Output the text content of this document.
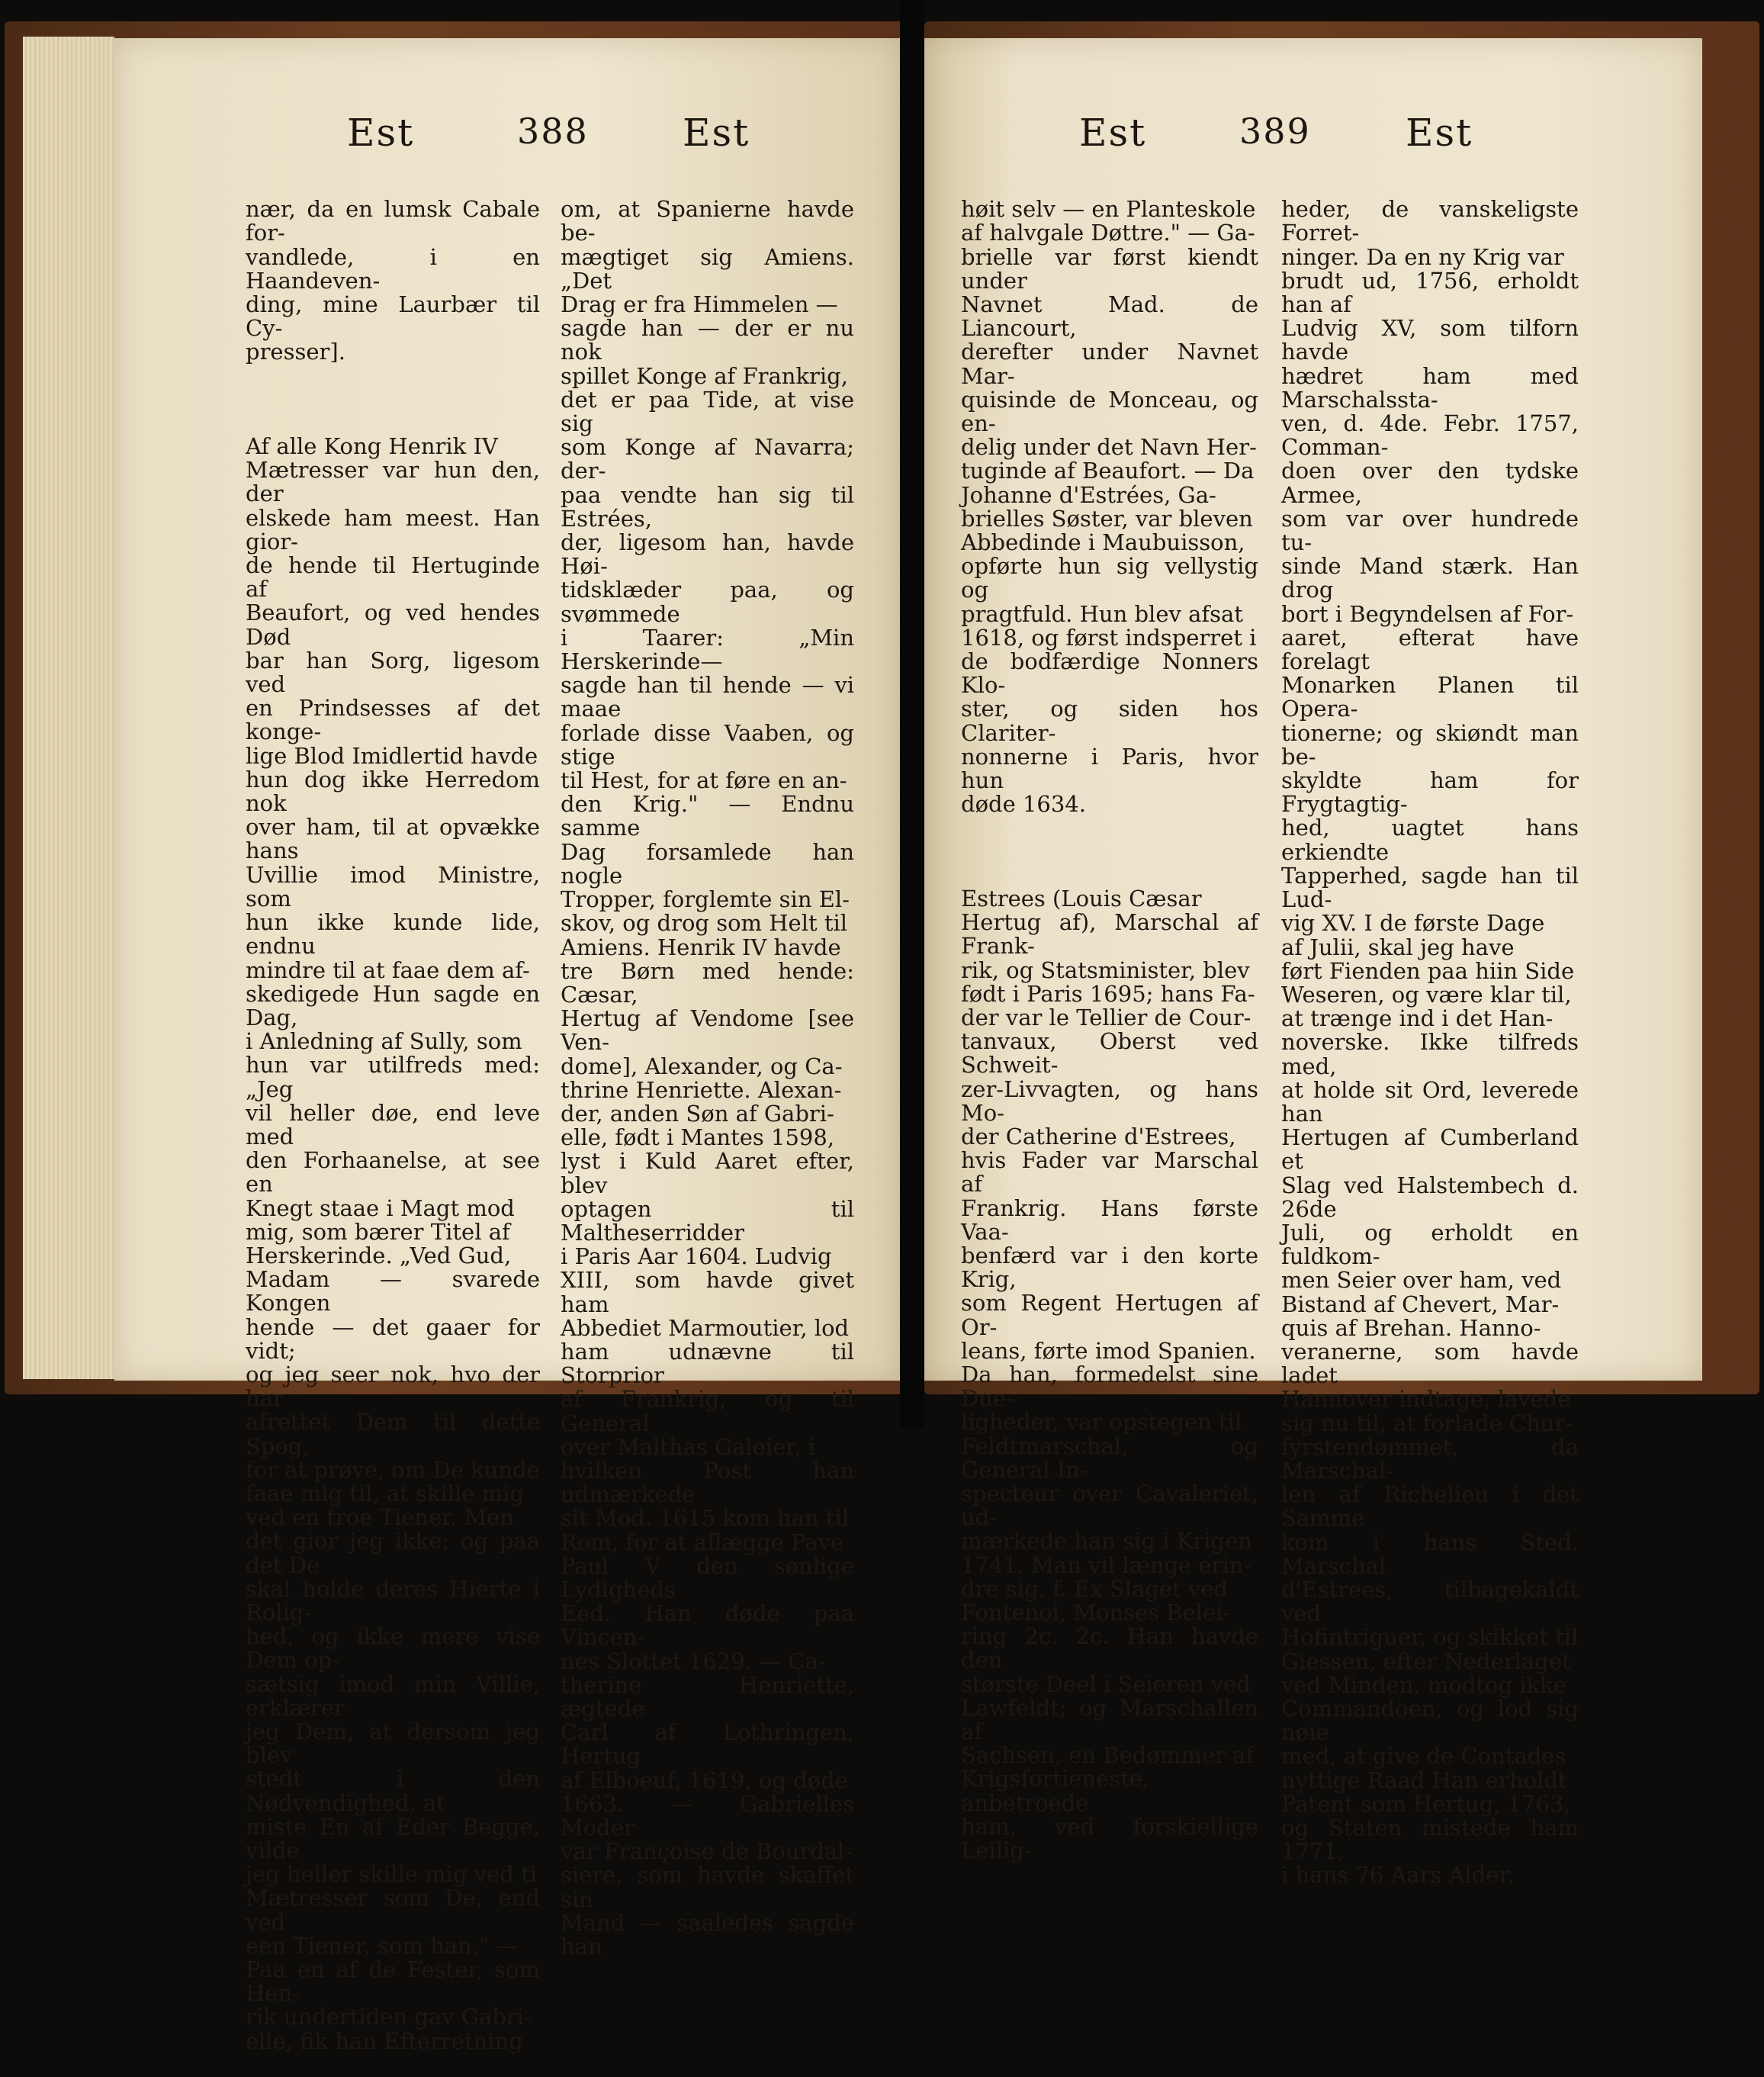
Est	388 Est

nær, da en lumsk Cabale for-
vandlede, i en Haandeven-
ding, mine Laurbær til Cy-
presser].

Af alle Kong Henrik IV
Mætresser var hun den, der
elskede ham meest. Han gior-
de hende til Hertuginde af
Beaufort, og ved hendes Død
bar han Sorg, ligesom ved
en Prindsesses af det konge-
lige Blod Imidlertid havde
hun dog ikke Herredom nok
over ham, til at opvække hans
Uvillie imod Ministre, som
hun ikke kunde lide, endnu
mindre til at faae dem af-
skedigede Hun sagde en Dag,
i Anledning af Sully, som
hun var utilfreds med: „Jeg
vil heller døe, end leve med
den Forhaanelse, at see en
Knegt staae i Magt mod
mig, som bærer Titel af
Herskerinde. „Ved Gud,
Madam — svarede Kongen
hende — det gaaer for vidt;
og jeg seer nok, hvo der har
afrettet Dem til dette Spog,
for at prøve, om De kunde
faae mig til, at skille mig
ved en troe Tiener. Men
det gior jeg ikke; og paa det De
skal holde deres Hierte i Rolig-
hed, og ikke mere vise Dem op-
sætsig imod min Villie, erklærer
jeg Dem, at dersom jeg blev
stedt i den Nødvendighed, at
miste En af Eder Begge, vilde
jeg heller skille mig ved ti
Mætresser som De, end ved
een Tiener, som han." —
Paa en af de Fester, som Hen-
rik undertiden gav Gabri-
elle, fik han Efterretning

om, at Spanierne havde be-
mægtiget sig Amiens. „Det
Drag er fra Himmelen —
sagde han — der er nu nok
spillet Konge af Frankrig,
det er paa Tide, at vise sig
som Konge af Navarra; der-
paa vendte han sig til Estrées,
der, ligesom han, havde Høi-
tidsklæder paa, og svømmede
i Taarer: „Min Herskerinde—
sagde han til hende — vi maae
forlade disse Vaaben, og stige
til Hest, for at føre en an-
den Krig." — Endnu samme
Dag forsamlede han nogle
Tropper, forglemte sin El-
skov, og drog som Helt til
Amiens. Henrik IV havde
tre Børn med hende: Cæsar,
Hertug af Vendome [see Ven-
dome], Alexander, og Ca-
thrine Henriette. Alexan-
der, anden Søn af Gabri-
elle, født i Mantes 1598,
lyst i Kuld Aaret efter, blev
optagen til Maltheserridder
i Paris Aar 1604. Ludvig
XIII, som havde givet ham
Abbediet Marmoutier, lod
ham udnævne til Storprior
af Frankrig, og til General
over Malthas Galeier, i
hvilken Post han udmærkede
sit Mod. 1615 kom han til
Rom, for at aflægge Pave
Paul V den sønlige Lydigheds
Eed. Han døde paa Vincen-
nes Slottet 1629. — Ca-
therine Henriette, ægtede
Carl af Lothringen, Hertug
af Elboeuf, 1619, og døde
1663. — Gabrielles Moder
var Françoise de Bourdal-
siere, som havde skaffet sin
Mand — saaledes sagde han

Est	389 Est

høit selv — en Planteskole
af halvgale Døttre." — Ga-
brielle var først kiendt under
Navnet Mad. de Liancourt,
derefter under Navnet Mar-
quisinde de Monceau, og en-
delig under det Navn Her-
tuginde af Beaufort. — Da
Johanne d'Estrées, Ga-
brielles Søster, var bleven
Abbedinde i Maubuisson,
opførte hun sig vellystig og
pragtfuld. Hun blev afsat
1618, og først indsperret i
de bodfærdige Nonners Klo-
ster, og siden hos Clariter-
nonnerne i Paris, hvor hun
døde 1634.

Estrees (Louis Cæsar
Hertug af), Marschal af Frank-
rik, og Statsminister, blev
født i Paris 1695; hans Fa-
der var le Tellier de Cour-
tanvaux, Oberst ved Schweit-
zer-Livvagten, og hans Mo-
der Catherine d'Estrees,
hvis Fader var Marschal af
Frankrig. Hans første Vaa-
benfærd var i den korte Krig,
som Regent Hertugen af Or-
leans, førte imod Spanien.
Da han, formedelst sine Due-
ligheder, var opstegen til
Feldtmarschal, og General In-
specteur over Cavaleriet, ud-
mærkede han sig i Krigen
1741. Man vil længe erin-
dre sig, f. Ex Slaget ved
Fontenoi, Monses Belei-
ring 2c. 2c. Han havde den
største Deel i Seieren ved
Lawfeldt; og Marschallen af
Sachsen, en Bedømmer af
Krigsfortieneste, anbetroede
ham, ved forskiellige Leilig-

heder, de vanskeligste Forret-
ninger. Da en ny Krig var
brudt ud, 1756, erholdt han af
Ludvig XV, som tilforn havde
hædret ham med Marschalssta-
ven, d. 4de. Febr. 1757, Comman-
doen over den tydske Armee,
som var over hundrede tu-
sinde Mand stærk. Han drog
bort i Begyndelsen af For-
aaret, efterat have forelagt
Monarken Planen til Opera-
tionerne; og skiøndt man be-
skyldte ham for Frygtagtig-
hed, uagtet hans erkiendte
Tapperhed, sagde han til Lud-
vig XV. I de første Dage
af Julii, skal jeg have
ført Fienden paa hiin Side
Weseren, og være klar til,
at trænge ind i det Han-
noverske. Ikke tilfreds med,
at holde sit Ord, leverede han
Hertugen af Cumberland et
Slag ved Halstembech d. 26de
Juli, og erholdt en fuldkom-
men Seier over ham, ved
Bistand af Chevert, Mar-
quis af Brehan. Hanno-
veranerne, som havde ladet
Hannover indtage, lavede
sig nu til, at forlade Chur-
fyrstendømmet, da Marschal-
len af Richelieu i det Samme
kom i hans Sted. Marschal
d'Estrees, tilbagekaldt ved
Hofintriguer, og skikket til
Giessen, efter Nederlaget
ved Minden, modtog ikke
Commandoen, og lod sig nøie
med, at give de Contades
nyttige Raad Han erholdt
Patent som Hertug, 1763,
og Staten mistede ham 1771,
i hans 76 Aars Alder.
